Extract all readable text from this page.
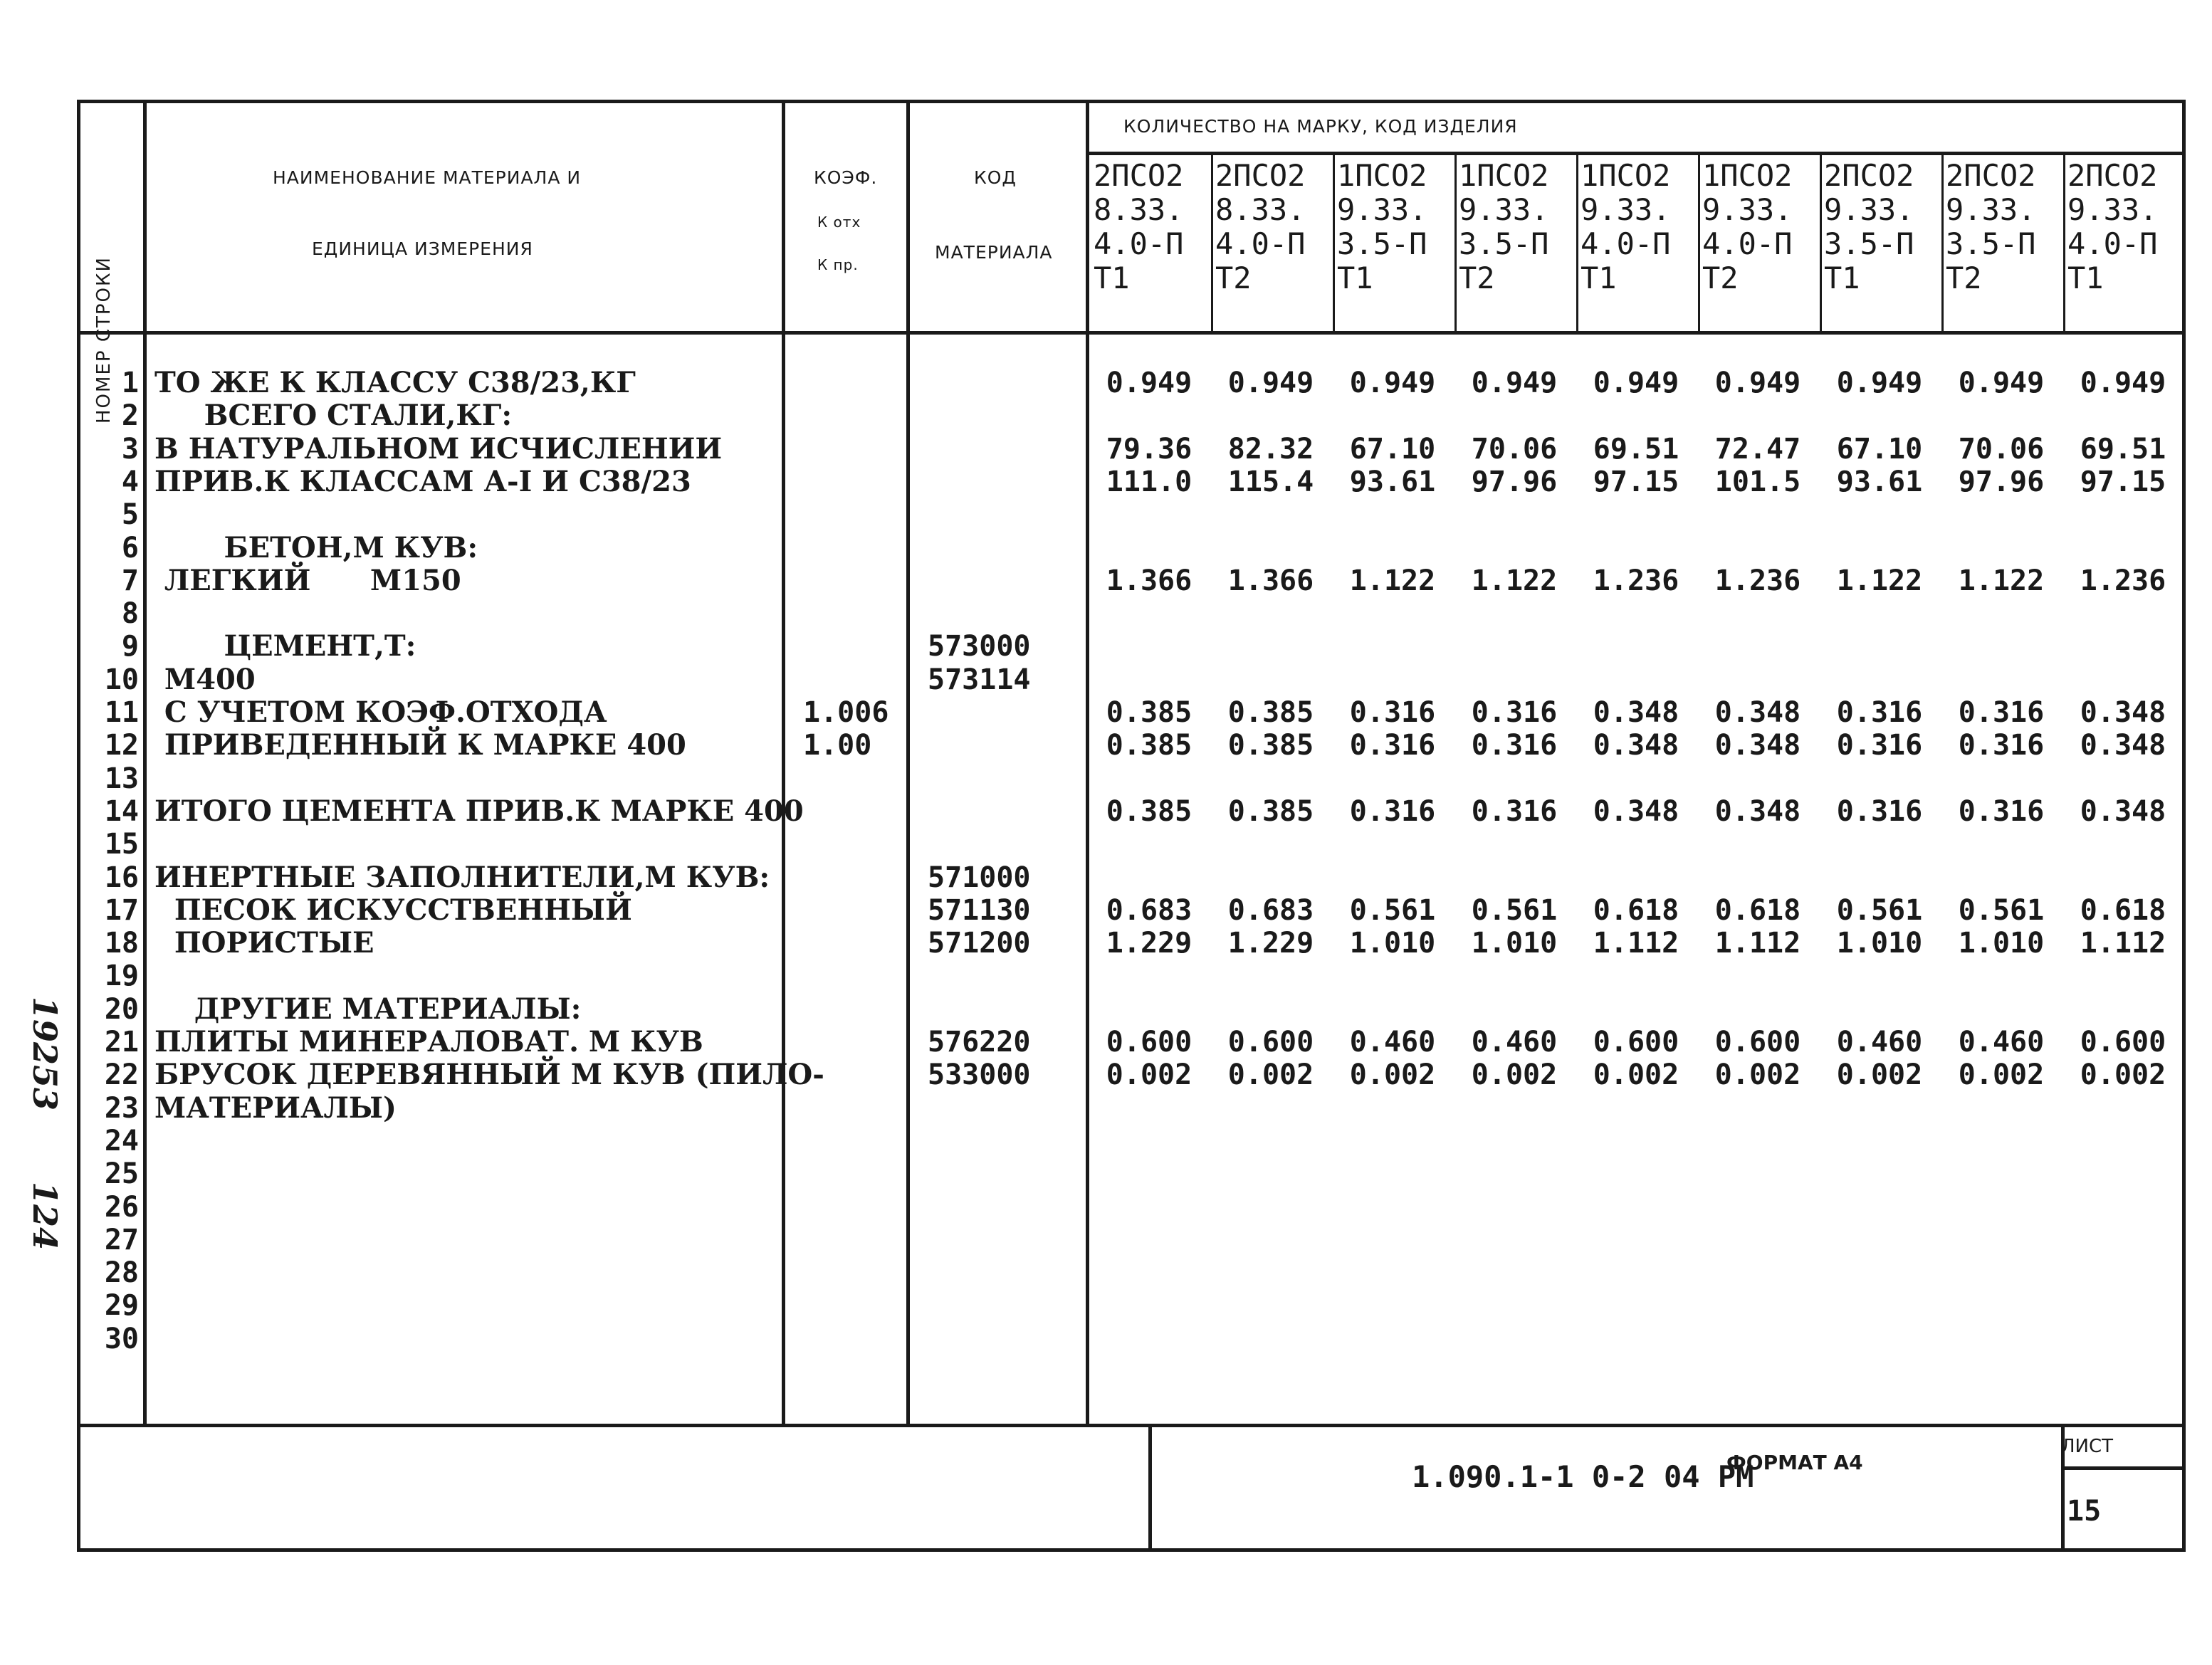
НОМЕР СТРОКИ
НАИМЕНОВАНИЕ МАТЕРИАЛА И
ЕДИНИЦА ИЗМЕРЕНИЯ
КОЭФ.
К отх
К пр.
КОД
МАТЕРИАЛА
КОЛИЧЕСТВО НА МАРКУ, КОД ИЗДЕЛИЯ
2ПСО2
8.33.
4.0-П
Т1
2ПСО2
8.33.
4.0-П
Т2
1ПСО2
9.33.
3.5-П
Т1
1ПСО2
9.33.
3.5-П
Т2
1ПСО2
9.33.
4.0-П
Т1
1ПСО2
9.33.
4.0-П
Т2
2ПСО2
9.33.
3.5-П
Т1
2ПСО2
9.33.
3.5-П
Т2
2ПСО2
9.33.
4.0-П
Т1
1 ТО ЖЕ К КЛАССУ С38/23,КГ	0.949	0.949	0.949	0.949	0.949	0.949	0.949	0.949	0.949
2 ВСЕГО СТАЛИ,КГ:
3 В НАТУРАЛЬНОМ ИСЧИСЛЕНИИ	79.36	82.32	67.10	70.06	69.51	72.47	67.10	70.06	69.51
4 ПРИВ.К КЛАССАМ А-I И С38/23	111.0	115.4	93.61	97.96	97.15	101.5	93.61	97.96	97.15
5
6 БЕТОН,М КУВ:
7 ЛЕГКИЙ      М150	1.366	1.366	1.122	1.122	1.236	1.236	1.122	1.122	1.236
8
9 ЦЕМЕНТ,Т:	573000
10 М400	573114
11 С УЧЕТОМ КОЭФ.ОТХОДА	1.006	0.385	0.385	0.316	0.316	0.348	0.348	0.316	0.316	0.348
12 ПРИВЕДЕННЫЙ К МАРКЕ 400	1.00	0.385	0.385	0.316	0.316	0.348	0.348	0.316	0.316	0.348
13
14 ИТОГО ЦЕМЕНТА ПРИВ.К МАРКЕ 400	0.385	0.385	0.316	0.316	0.348	0.348	0.316	0.316	0.348
15
16 ИНЕРТНЫЕ ЗАПОЛНИТЕЛИ,М КУВ:	571000
17 ПЕСОК ИСКУССТВЕННЫЙ	571130	0.683	0.683	0.561	0.561	0.618	0.618	0.561	0.561	0.618
18 ПОРИСТЫЕ	571200	1.229	1.229	1.010	1.010	1.112	1.112	1.010	1.010	1.112
19
20 ДРУГИЕ МАТЕРИАЛЫ:
21 ПЛИТЫ МИНЕРАЛОВАТ. М КУВ	576220	0.600	0.600	0.460	0.460	0.600	0.600	0.460	0.460	0.600
22 БРУСОК ДЕРЕВЯННЫЙ М КУВ (ПИЛО-	533000	0.002	0.002	0.002	0.002	0.002	0.002	0.002	0.002	0.002
23 МАТЕРИАЛЫ)
24
25
26
27
28
29
30
1.090.1-1 0-2 04 РМ
ЛИСТ
15
ФОРМАТ А4
19253
124
